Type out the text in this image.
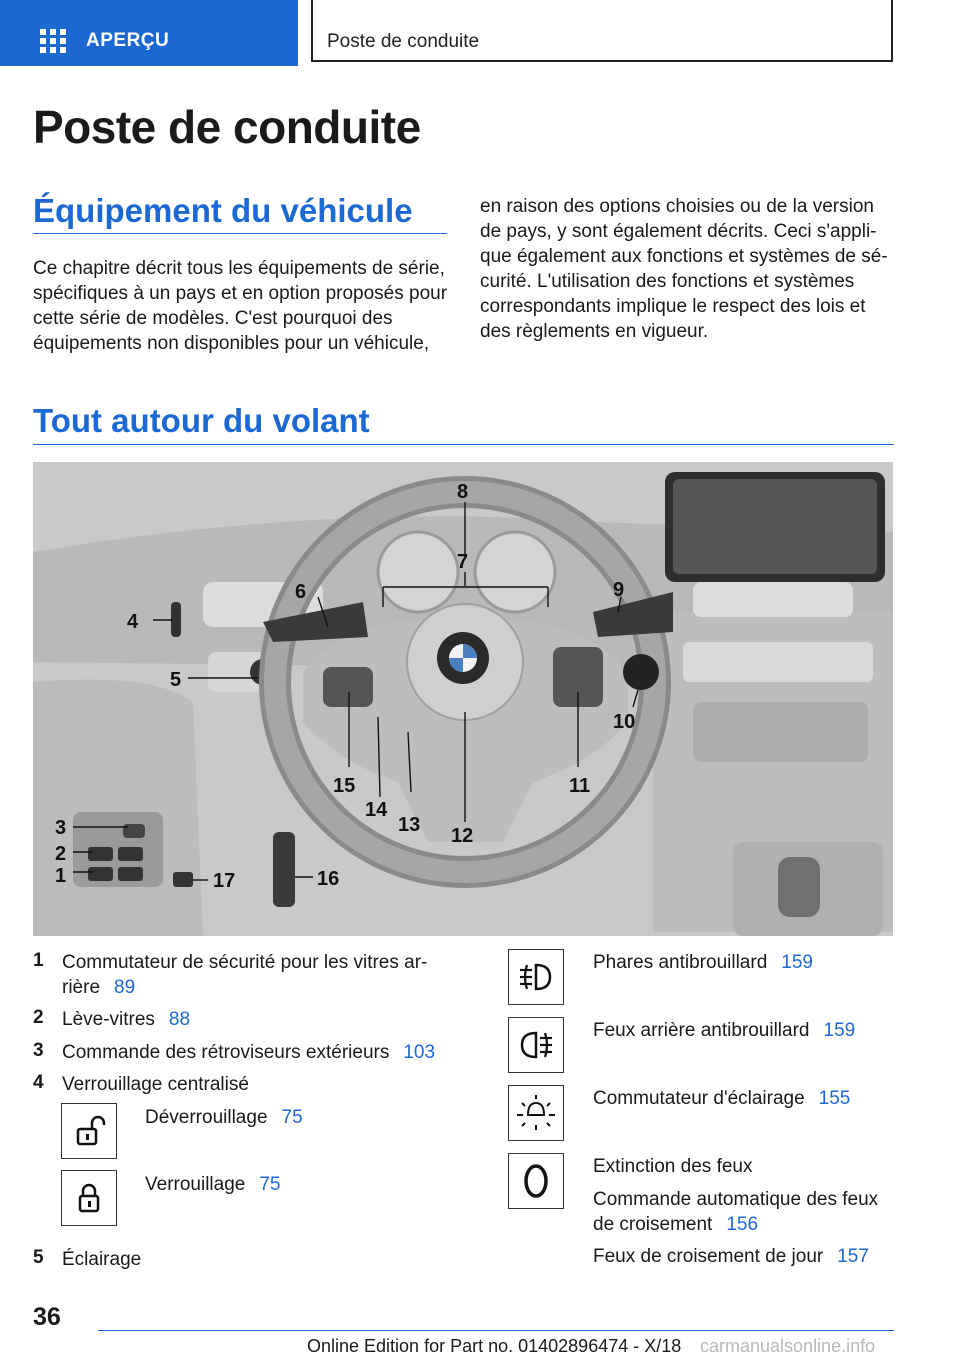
APERÇU	Poste de conduite
Poste de conduite
Équipement du véhicule

Ce chapitre décrit tous les équipements de série, spécifiques à un pays et en option proposés pour cette série de modèles. C'est pourquoi des équipements non disponibles pour un véhicule,

en raison des options choisies ou de la version de pays, y sont également décrits. Ceci s'applique également aux fonctions et systèmes de sécurité. L'utilisation des fonctions et systèmes correspondants implique le respect des lois et des règlements en vigueur.

Tout autour du volant
1
2
3
4
5
6
7
8
9
10
11
12
13
14
15
16
17
1 Commutateur de sécurité pour les vitres arrière 89
2 Lève-vitres 88
3 Commande des rétroviseurs extérieurs 103
4 Verrouillage centralisé
Déverrouillage 75
Verrouillage 75
5 Éclairage
Phares antibrouillard 159
Feux arrière antibrouillard 159
Commutateur d'éclairage 155
Extinction des feux
Commande automatique des feux de croisement 156
Feux de croisement de jour 157
36
Online Edition for Part no. 01402896474 - X/18 carmanualsonline.info
